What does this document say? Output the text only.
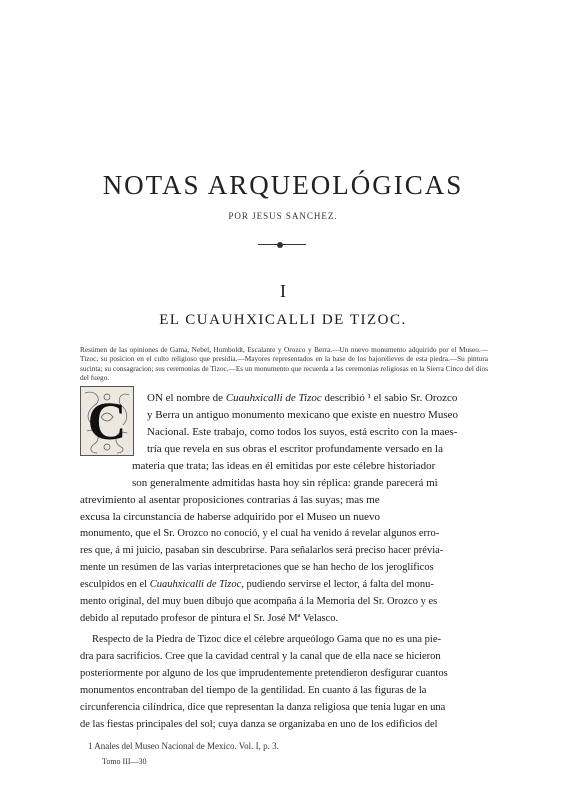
NOTAS ARQUEOLÓGICAS
POR JESUS SANCHEZ.
I
EL CUAUHXICALLI DE TIZOC.
Resúmen de las opiniones de Gama, Nebel, Humboldt, Escalante y Orozco y Berra.—Un nuevo monumento adquirido por el Museo.—Tizoc, su posicion en el culto religioso que presidia.—Mayores representados en la base de los bajorelieves de esta piedra.—Su pintura sucinta; su consagracion; sus ceremonias de Tizoc.—Es un monumento que recuerda a las ceremonias religiosas en la Sierra Cinco del dios del fuego.
C ON el nombre de Cuauhxicalli de Tizoc describió ¹ el sabio Sr. Orozco
y Berra un antiguo monumento mexicano que existe en nuestro Museo
Nacional. Este trabajo, como todos los suyos, está escrito con la maes-
tría que revela en sus obras el escritor profundamente versado en la
materia que trata; las ideas en él emitidas por este célebre historiador
son generalmente admitidas hasta hoy sin réplica: grande parecerá mi
atrevimiento al asentar proposiciones contrarias á las suyas; mas me
excusa la circunstancia de haberse adquirido por el Museo un nuevo
monumento, que el Sr. Orozco no conoció, y el cual ha venido á revelar algunos erro-
res que, á mi juicio, pasaban sin descubrirse. Para señalarlos será preciso hacer prévia-
mente un resúmen de las varias interpretaciones que se han hecho de los jeroglíficos
esculpidos en el Cuauhxicalli de Tizoc, pudiendo servirse el lector, á falta del monu-
mento original, del muy buen dibujo que acompaña á la Memoria del Sr. Orozco y es
debido al reputado profesor de pintura el Sr. José Mª Velasco.
Respecto de la Piedra de Tizoc dice el célebre arqueólogo Gama que no es una pie-
dra para sacrificios. Cree que la cavidad central y la canal que de ella nace se hicieron
posteriormente por alguno de los que imprudentemente pretendieron desfigurar cuantos
monumentos encontraban del tiempo de la gentilidad. En cuanto á las figuras de la
circunferencia cilíndrica, dice que representan la danza religiosa que tenia lugar en una
de las fiestas principales del sol; cuya danza se organizaba en uno de los edificios del
1 Anales del Museo Nacional de Mexico. Vol. I, p. 3.
Tomo III—30
